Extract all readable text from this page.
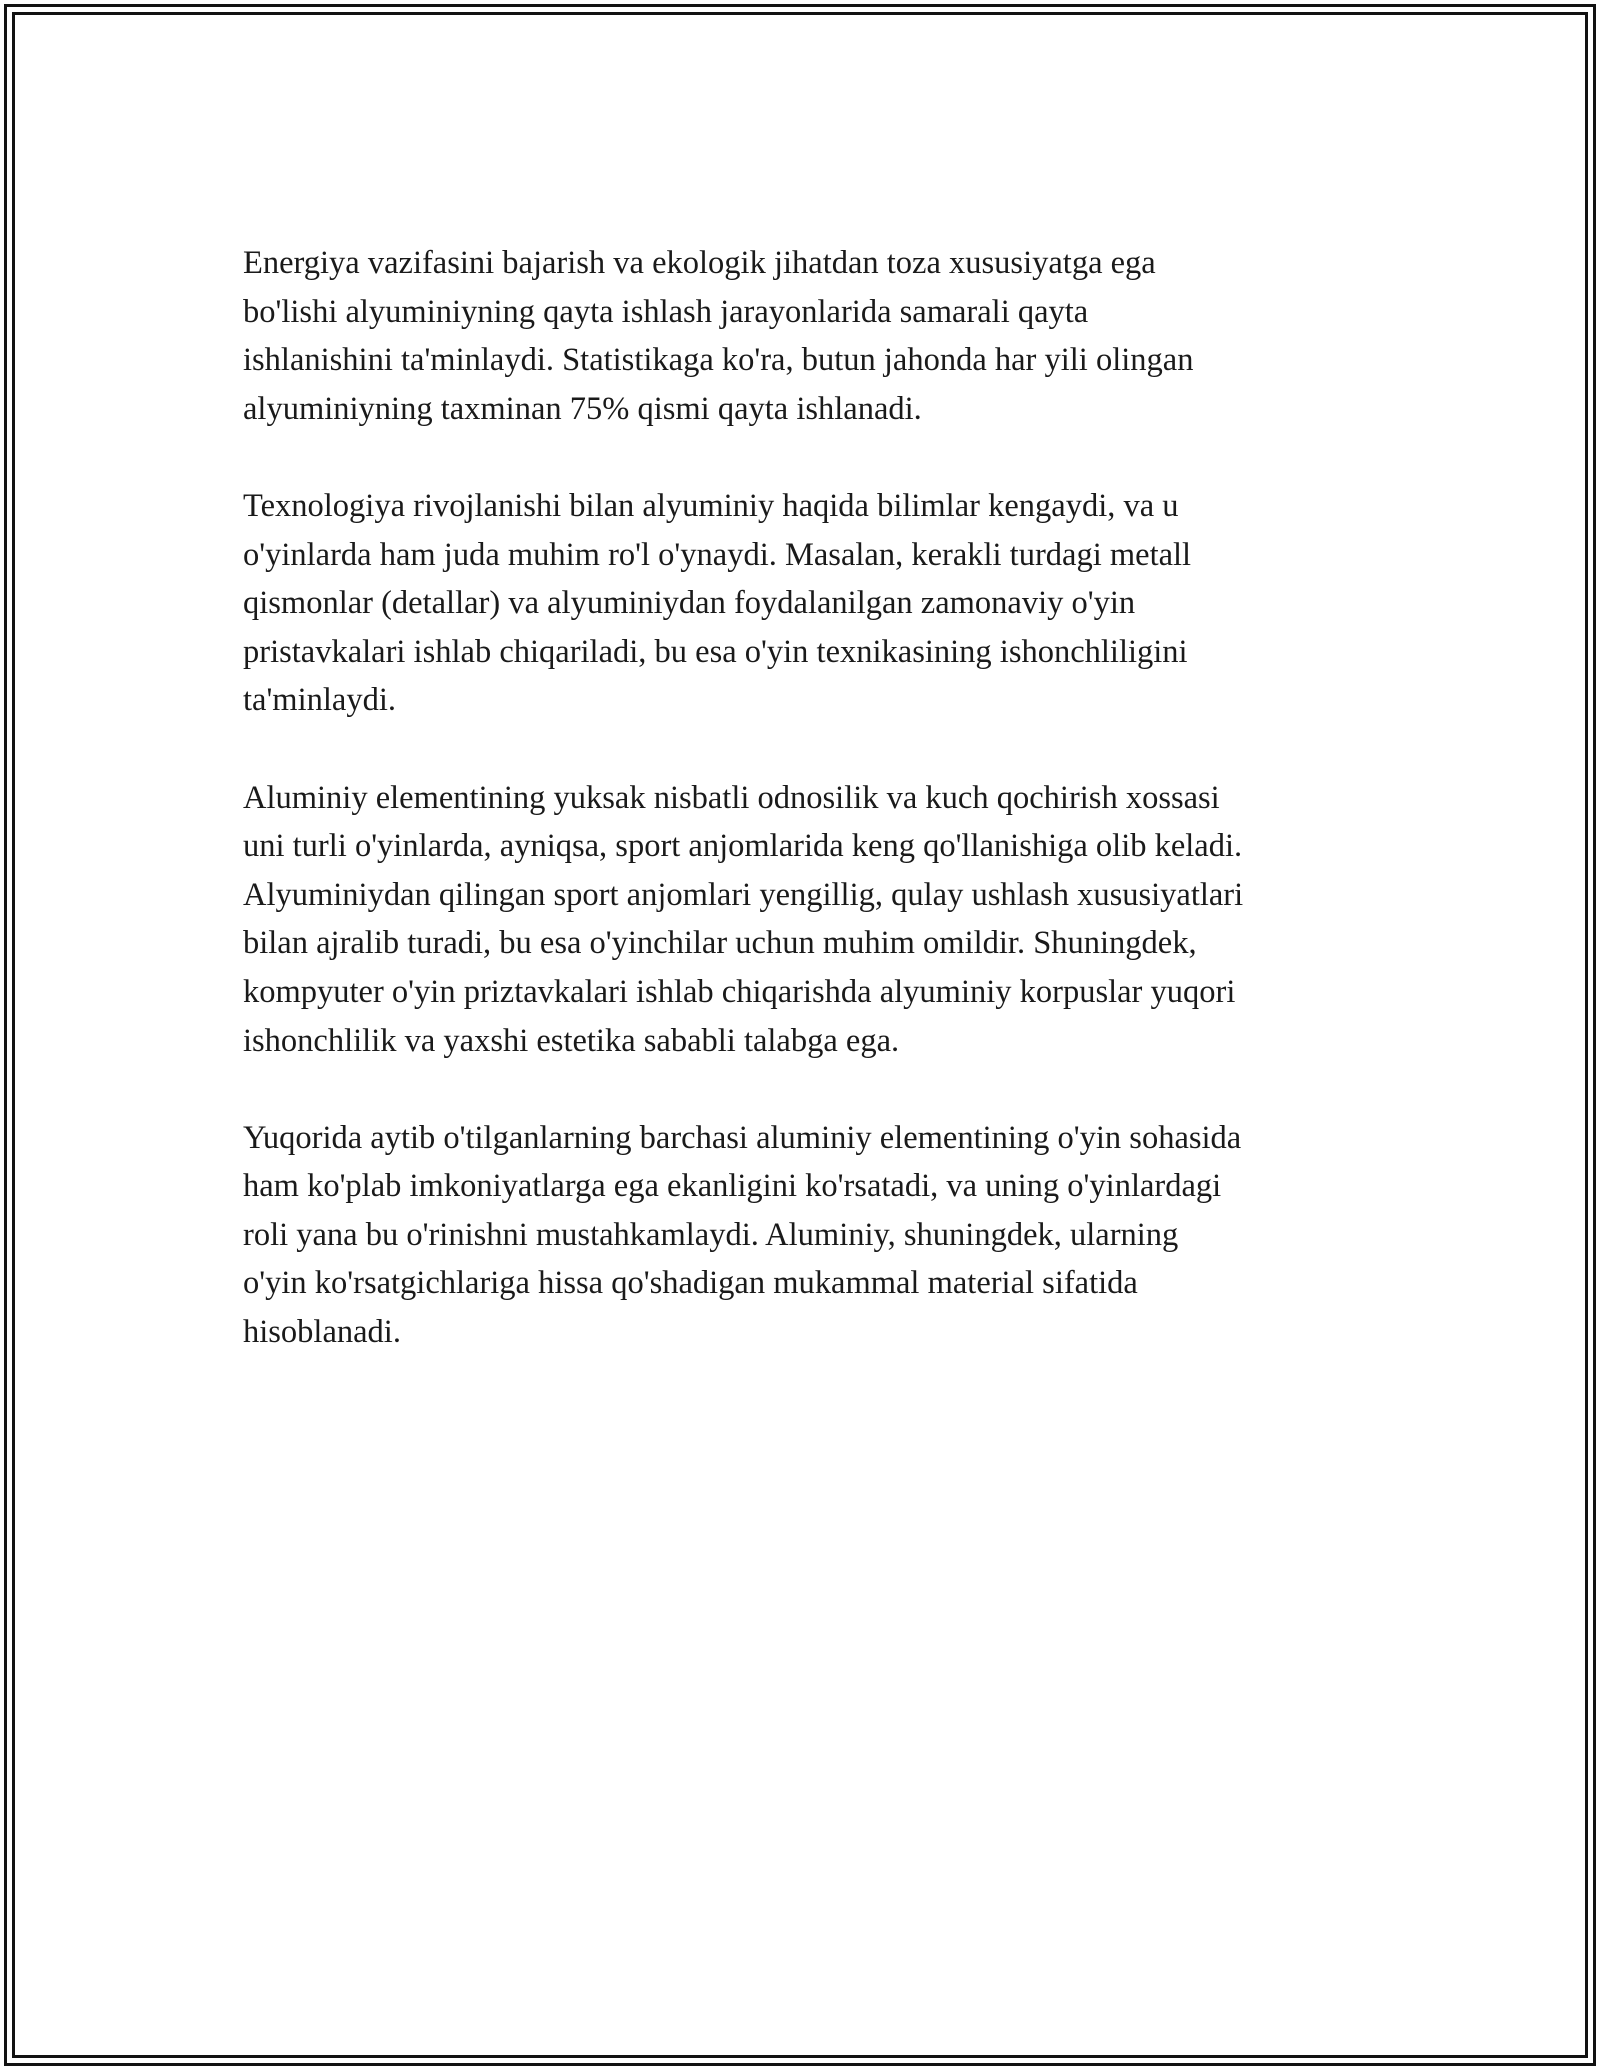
Energiya vazifasini bajarish va ekologik jihatdan toza xususiyatga ega
bo'lishi alyuminiyning qayta ishlash jarayonlarida samarali qayta
ishlanishini ta'minlaydi. Statistikaga ko'ra, butun jahonda har yili olingan
alyuminiyning taxminan 75% qismi qayta ishlanadi.

Texnologiya rivojlanishi bilan alyuminiy haqida bilimlar kengaydi, va u
o'yinlarda ham juda muhim ro'l o'ynaydi. Masalan, kerakli turdagi metall
qismonlar (detallar) va alyuminiydan foydalanilgan zamonaviy o'yin
pristavkalari ishlab chiqariladi, bu esa o'yin texnikasining ishonchliligini
ta'minlaydi.

Aluminiy elementining yuksak nisbatli odnosilik va kuch qochirish xossasi
uni turli o'yinlarda, ayniqsa, sport anjomlarida keng qo'llanishiga olib keladi.
Alyuminiydan qilingan sport anjomlari yengillig, qulay ushlash xususiyatlari
bilan ajralib turadi, bu esa o'yinchilar uchun muhim omildir. Shuningdek,
kompyuter o'yin priztavkalari ishlab chiqarishda alyuminiy korpuslar yuqori
ishonchlilik va yaxshi estetika sababli talabga ega.

Yuqorida aytib o'tilganlarning barchasi aluminiy elementining o'yin sohasida
ham ko'plab imkoniyatlarga ega ekanligini ko'rsatadi, va uning o'yinlardagi
roli yana bu o'rinishni mustahkamlaydi. Aluminiy, shuningdek, ularning
o'yin ko'rsatgichlariga hissa qo'shadigan mukammal material sifatida
hisoblanadi.
